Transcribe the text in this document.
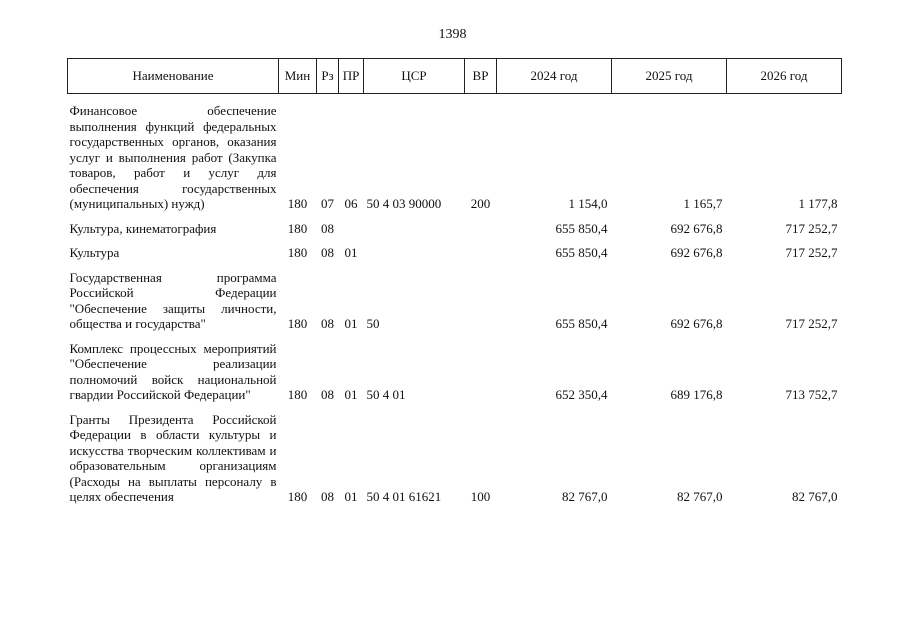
1398
Наименование	Мин	Рз	ПР	ЦСР	ВР	2024 год	2025 год	2026 год

Финансовое обеспечение выполнения функций федеральных государственных органов, оказания услуг и выполнения работ (Закупка товаров, работ и услуг для обеспечения государственных (муниципальных) нужд)	180	07	06	50 4 03 90000	200	1 154,0	1 165,7	1 177,8
Культура, кинематография	180	08				655 850,4	692 676,8	717 252,7
Культура	180	08	01			655 850,4	692 676,8	717 252,7
Государственная программа Российской Федерации "Обеспечение защиты личности, общества и государства"	180	08	01	50		655 850,4	692 676,8	717 252,7
Комплекс процессных мероприятий "Обеспечение реализации полномочий войск национальной гвардии Российской Федерации"	180	08	01	50 4 01		652 350,4	689 176,8	713 752,7
Гранты Президента Российской Федерации в области культуры и искусства творческим коллективам и образовательным организациям (Расходы на выплаты персоналу в целях обеспечения	180	08	01	50 4 01 61621	100	82 767,0	82 767,0	82 767,0
